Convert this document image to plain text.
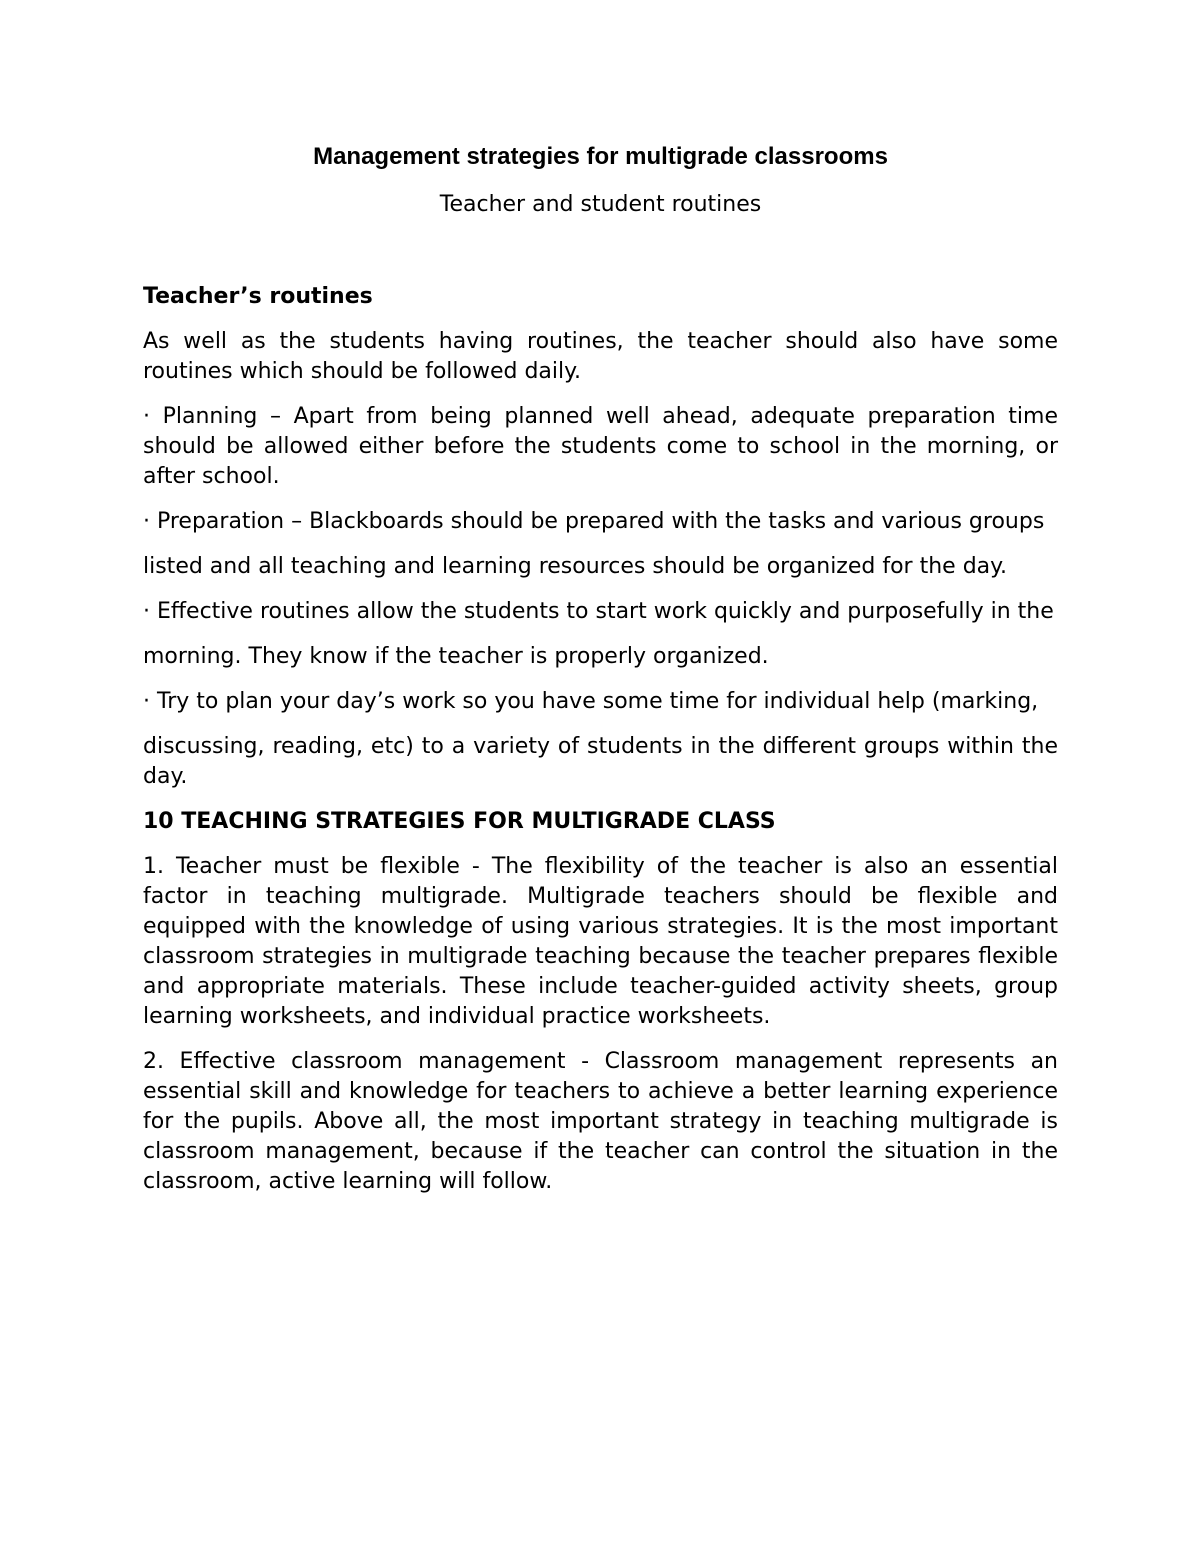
Management strategies for multigrade classrooms
Teacher and student routines
Teacher’s routines

As well as the students having routines, the teacher should also have some routines which should be followed daily.

· Planning – Apart from being planned well ahead, adequate preparation time should be allowed either before the students come to school in the morning, or after school.

· Preparation – Blackboards should be prepared with the tasks and various groups

listed and all teaching and learning resources should be organized for the day.

· Effective routines allow the students to start work quickly and purposefully in the

morning. They know if the teacher is properly organized.

· Try to plan your day’s work so you have some time for individual help (marking,

discussing, reading, etc) to a variety of students in the different groups within the day.

10 TEACHING STRATEGIES FOR MULTIGRADE CLASS

1. Teacher must be flexible - The flexibility of the teacher is also an essential factor in teaching multigrade. Multigrade teachers should be flexible and equipped with the knowledge of using various strategies. It is the most important classroom strategies in multigrade teaching because the teacher prepares flexible and appropriate materials. These include teacher-guided activity sheets, group learning worksheets, and individual practice worksheets.

2. Effective classroom management - Classroom management represents an essential skill and knowledge for teachers to achieve a better learning experience for the pupils. Above all, the most important strategy in teaching multigrade is classroom management, because if the teacher can control the situation in the classroom, active learning will follow.
